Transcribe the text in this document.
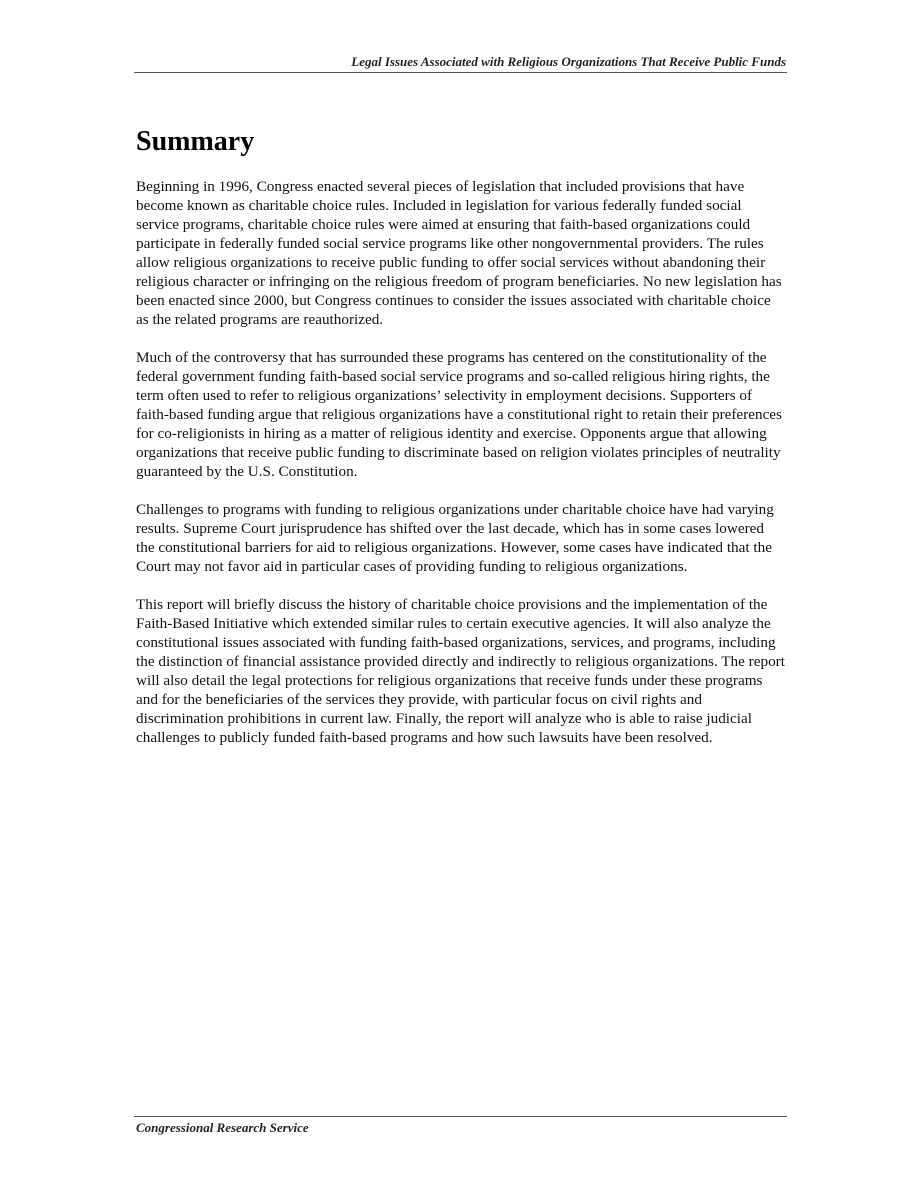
Legal Issues Associated with Religious Organizations That Receive Public Funds
Summary

Beginning in 1996, Congress enacted several pieces of legislation that included provisions that have become known as charitable choice rules. Included in legislation for various federally funded social service programs, charitable choice rules were aimed at ensuring that faith-based organizations could participate in federally funded social service programs like other nongovernmental providers. The rules allow religious organizations to receive public funding to offer social services without abandoning their religious character or infringing on the religious freedom of program beneficiaries. No new legislation has been enacted since 2000, but Congress continues to consider the issues associated with charitable choice as the related programs are reauthorized.

Much of the controversy that has surrounded these programs has centered on the constitutionality of the federal government funding faith-based social service programs and so-called religious hiring rights, the term often used to refer to religious organizations’ selectivity in employment decisions. Supporters of faith-based funding argue that religious organizations have a constitutional right to retain their preferences for co-religionists in hiring as a matter of religious identity and exercise. Opponents argue that allowing organizations that receive public funding to discriminate based on religion violates principles of neutrality guaranteed by the U.S. Constitution.

Challenges to programs with funding to religious organizations under charitable choice have had varying results. Supreme Court jurisprudence has shifted over the last decade, which has in some cases lowered the constitutional barriers for aid to religious organizations. However, some cases have indicated that the Court may not favor aid in particular cases of providing funding to religious organizations.

This report will briefly discuss the history of charitable choice provisions and the implementation of the Faith-Based Initiative which extended similar rules to certain executive agencies. It will also analyze the constitutional issues associated with funding faith-based organizations, services, and programs, including the distinction of financial assistance provided directly and indirectly to religious organizations. The report will also detail the legal protections for religious organizations that receive funds under these programs and for the beneficiaries of the services they provide, with particular focus on civil rights and discrimination prohibitions in current law. Finally, the report will analyze who is able to raise judicial challenges to publicly funded faith-based programs and how such lawsuits have been resolved.

Congressional Research Service
